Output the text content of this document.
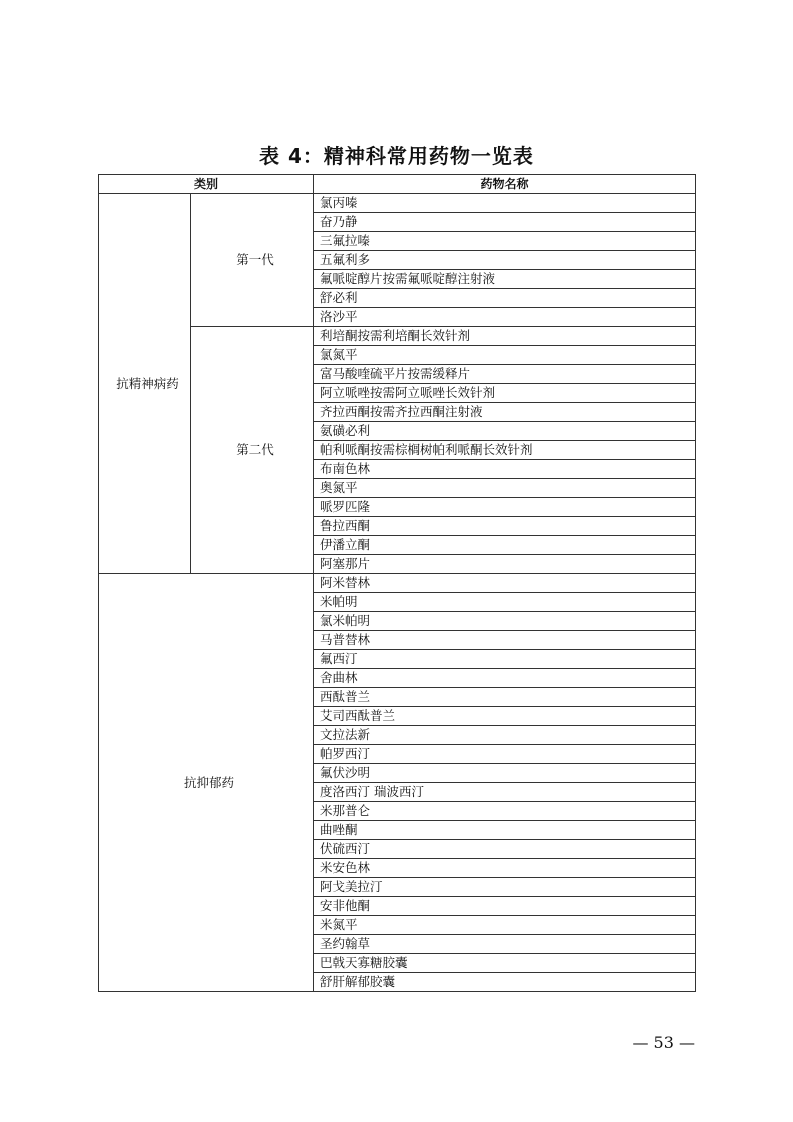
表 4：精神科常用药物一览表
类别		药物名称
抗精神病药	第一代	氯丙嗪
		奋乃静
		三氟拉嗪
		五氟利多
		氟哌啶醇片按需氟哌啶醇注射液
		舒必利
		洛沙平
	第二代	利培酮按需利培酮长效针剂
		氯氮平
		富马酸喹硫平片按需缓释片
		阿立哌唑按需阿立哌唑长效针剂
		齐拉西酮按需齐拉西酮注射液
		氨磺必利
		帕利哌酮按需棕榈树帕利哌酮长效针剂
		布南色林
		奥氮平
		哌罗匹隆
		鲁拉西酮
		伊潘立酮
		阿塞那片
抗抑郁药		阿米替林
		米帕明
		氯米帕明
		马普替林
		氟西汀
		舍曲林
		西酞普兰
		艾司西酞普兰
		文拉法新
		帕罗西汀
		氟伏沙明
		度洛西汀 瑞波西汀
		米那普仑
		曲唑酮
		伏硫西汀
		米安色林
		阿戈美拉汀
		安非他酮
		米氮平
		圣约翰草
		巴戟天寡糖胶囊
		舒肝解郁胶囊
— 53 —
